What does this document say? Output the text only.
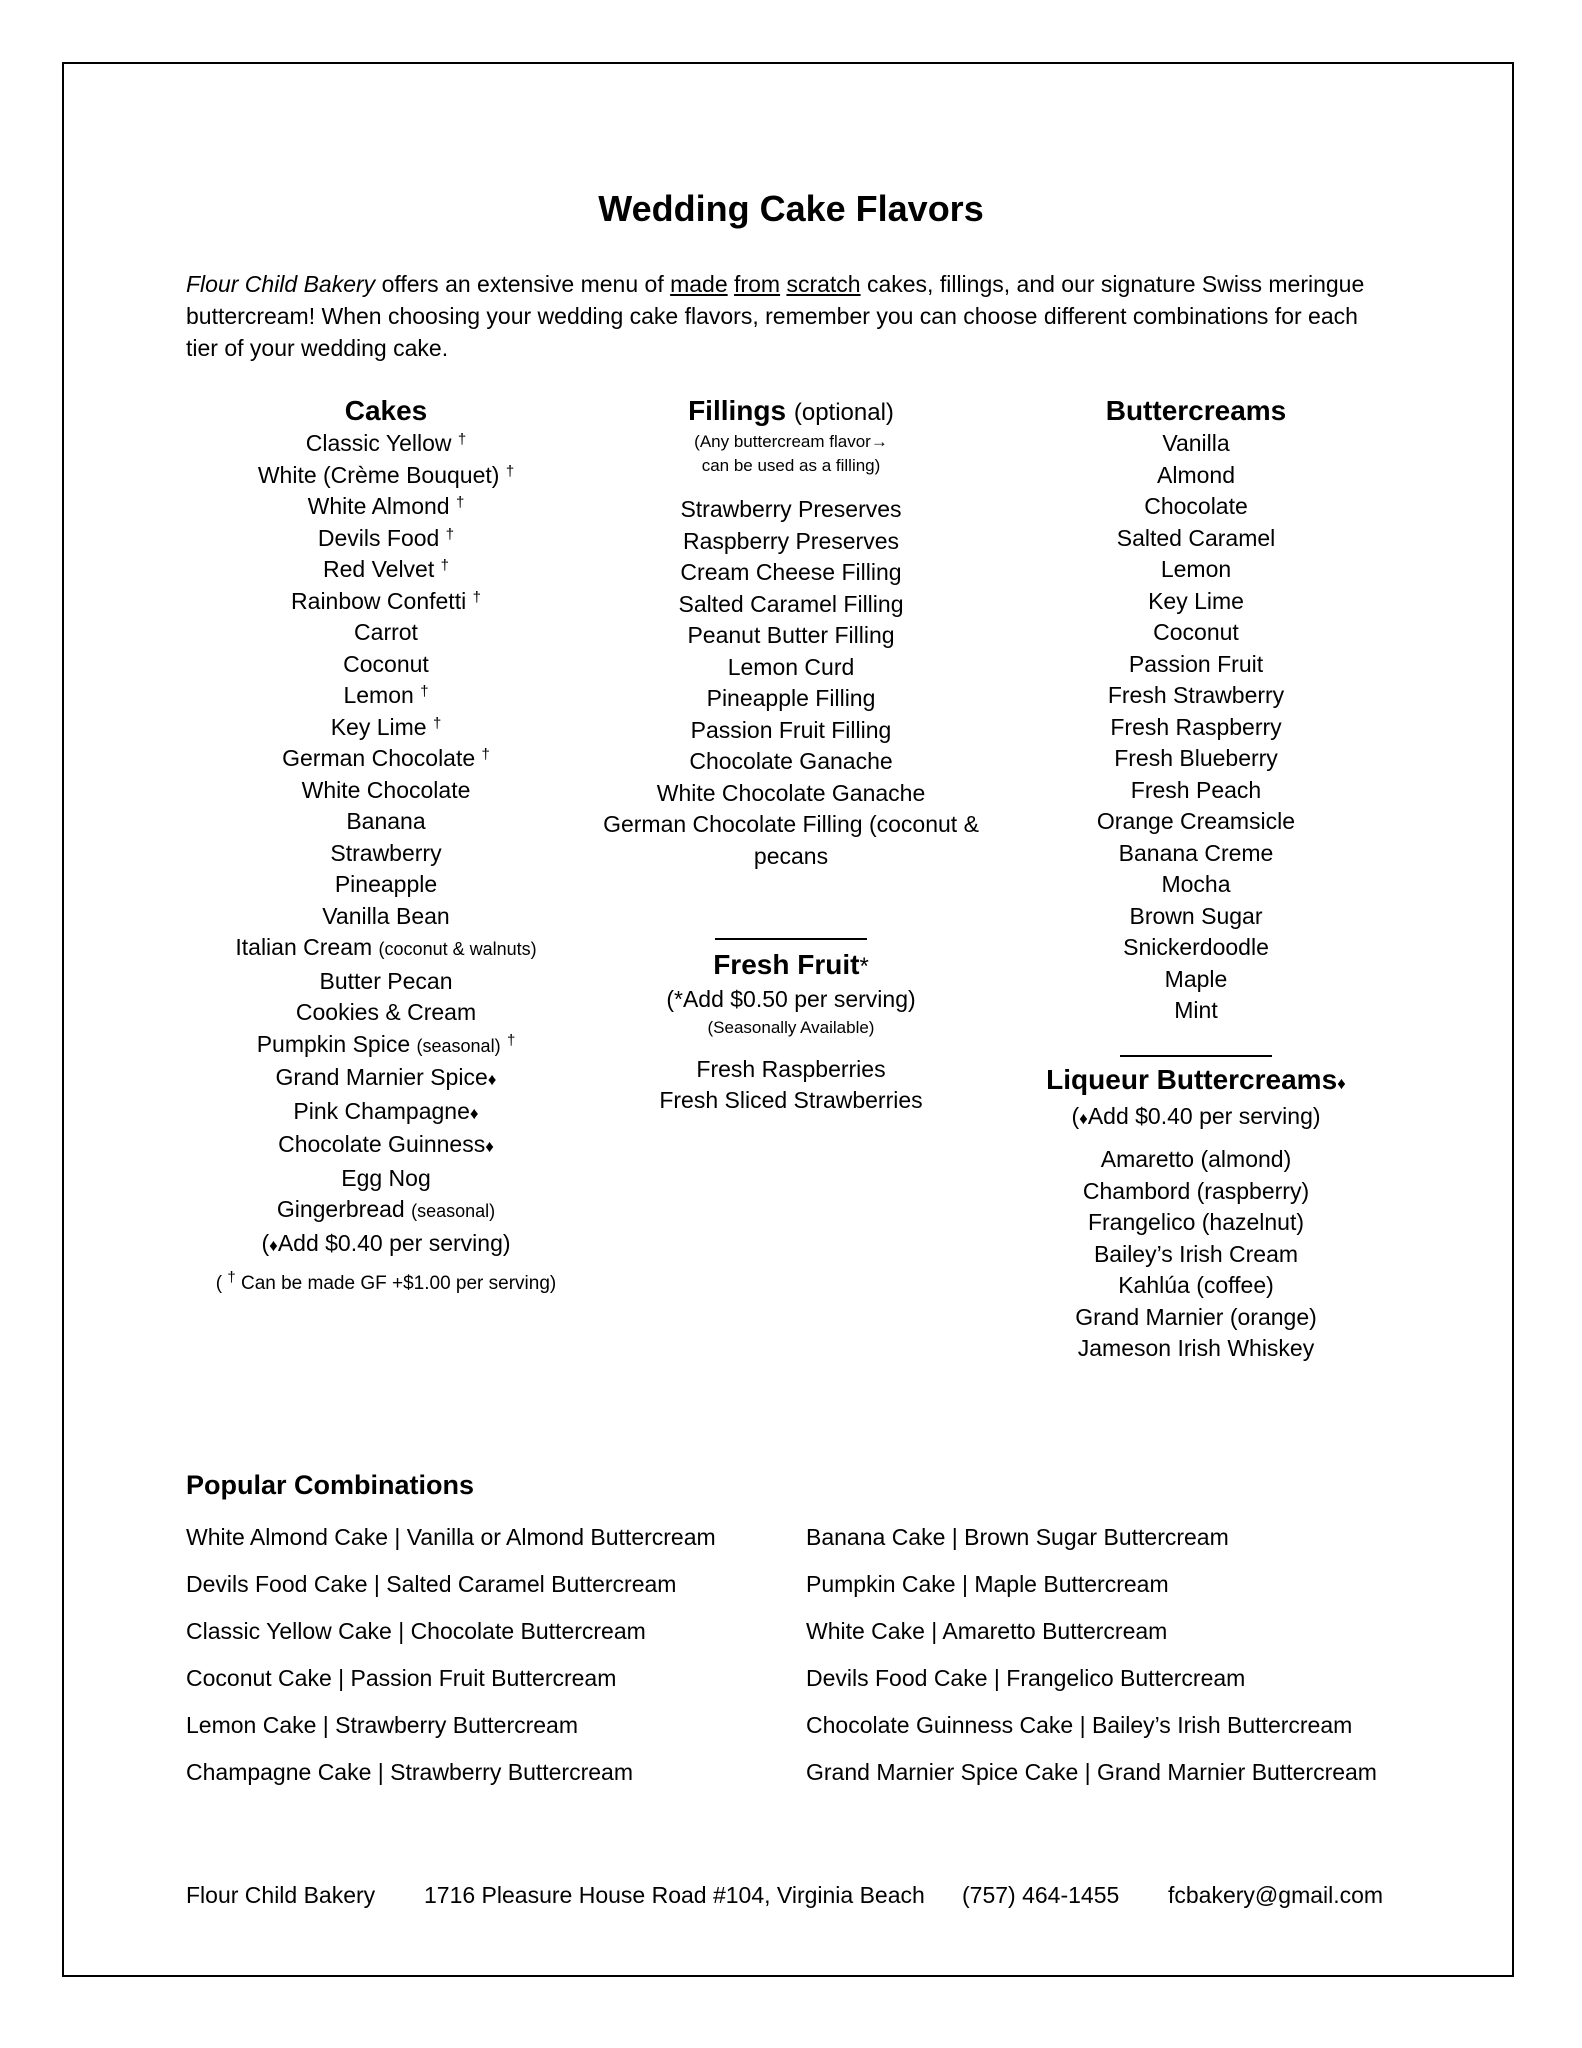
Wedding Cake Flavors
Flour Child Bakery offers an extensive menu of made from scratch cakes, fillings, and our signature Swiss meringue buttercream! When choosing your wedding cake flavors, remember you can choose different combinations for each tier of your wedding cake.
Cakes
Classic Yellow †
White (Crème Bouquet) †
White Almond †
Devils Food †
Red Velvet †
Rainbow Confetti †
Carrot
Coconut
Lemon †
Key Lime †
German Chocolate †
White Chocolate
Banana
Strawberry
Pineapple
Vanilla Bean
Italian Cream (coconut & walnuts)
Butter Pecan
Cookies & Cream
Pumpkin Spice (seasonal) †
Grand Marnier Spice♦
Pink Champagne♦
Chocolate Guinness♦
Egg Nog
Gingerbread (seasonal)
(♦Add $0.40 per serving)
( † Can be made GF +$1.00 per serving)
Fillings (optional)
(Any buttercream flavor→
can be used as a filling)
Strawberry Preserves
Raspberry Preserves
Cream Cheese Filling
Salted Caramel Filling
Peanut Butter Filling
Lemon Curd
Pineapple Filling
Passion Fruit Filling
Chocolate Ganache
White Chocolate Ganache
German Chocolate Filling (coconut &
pecans
Fresh Fruit*
(*Add $0.50 per serving)
(Seasonally Available)
Fresh Raspberries
Fresh Sliced Strawberries
Buttercreams
Vanilla
Almond
Chocolate
Salted Caramel
Lemon
Key Lime
Coconut
Passion Fruit
Fresh Strawberry
Fresh Raspberry
Fresh Blueberry
Fresh Peach
Orange Creamsicle
Banana Creme
Mocha
Brown Sugar
Snickerdoodle
Maple
Mint
Liqueur Buttercreams♦
(♦Add $0.40 per serving)
Amaretto (almond)
Chambord (raspberry)
Frangelico (hazelnut)
Bailey’s Irish Cream
Kahlúa (coffee)
Grand Marnier (orange)
Jameson Irish Whiskey
Popular Combinations
White Almond Cake | Vanilla or Almond Buttercream
Devils Food Cake | Salted Caramel Buttercream
Classic Yellow Cake | Chocolate Buttercream
Coconut Cake | Passion Fruit Buttercream
Lemon Cake | Strawberry Buttercream
Champagne Cake | Strawberry Buttercream
Banana Cake | Brown Sugar Buttercream
Pumpkin Cake | Maple Buttercream
White Cake | Amaretto Buttercream
Devils Food Cake | Frangelico Buttercream
Chocolate Guinness Cake | Bailey’s Irish Buttercream
Grand Marnier Spice Cake | Grand Marnier Buttercream
Flour Child Bakery 1716 Pleasure House Road #104, Virginia Beach (757) 464-1455 fcbakery@gmail.com
